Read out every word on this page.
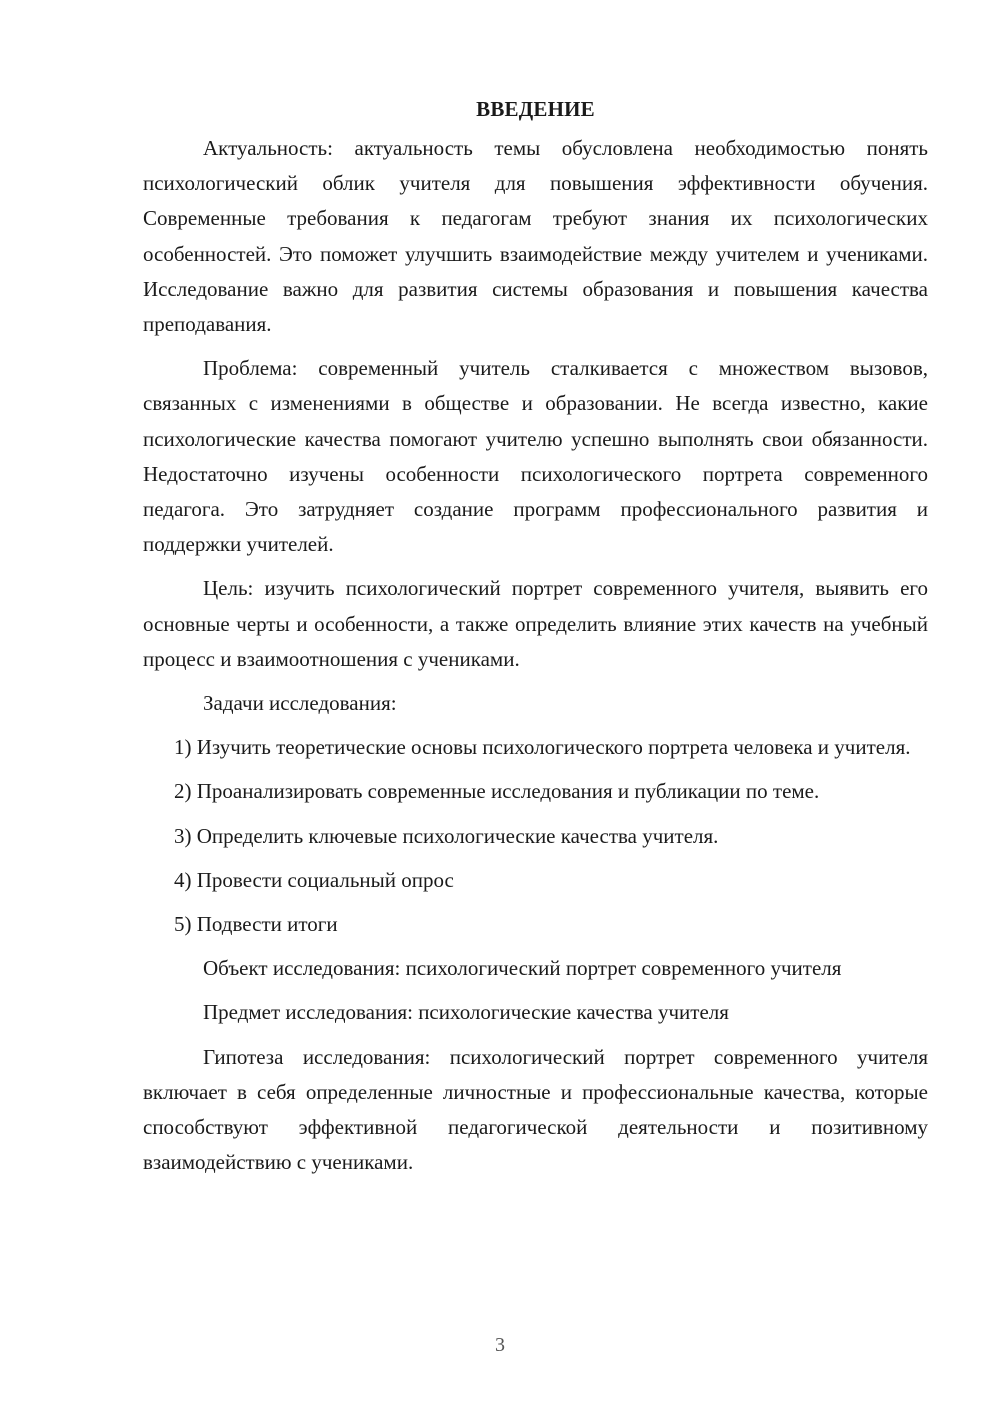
ВВЕДЕНИЕ

Актуальность: актуальность темы обусловлена необходимостью понять психологический облик учителя для повышения эффективности обучения. Современные требования к педагогам требуют знания их психологических особенностей. Это поможет улучшить взаимодействие между учителем и учениками. Исследование важно для развития системы образования и повышения качества преподавания.

Проблема: современный учитель сталкивается с множеством вызовов, связанных с изменениями в обществе и образовании. Не всегда известно, какие психологические качества помогают учителю успешно выполнять свои обязанности. Недостаточно изучены особенности психологического портрета современного педагога. Это затрудняет создание программ профессионального развития и поддержки учителей.

Цель: изучить психологический портрет современного учителя, выявить его основные черты и особенности, а также определить влияние этих качеств на учебный процесс и взаимоотношения с учениками.

Задачи исследования:

1) Изучить теоретические основы психологического портрета человека и учителя.

2) Проанализировать современные исследования и публикации по теме.

3) Определить ключевые психологические качества учителя.

4) Провести социальный опрос

5) Подвести итоги

Объект исследования: психологический портрет современного учителя

Предмет исследования: психологические качества учителя

Гипотеза исследования: психологический портрет современного учителя включает в себя определенные личностные и профессиональные качества, которые способствуют эффективной педагогической деятельности и позитивному взаимодействию с учениками.

3
